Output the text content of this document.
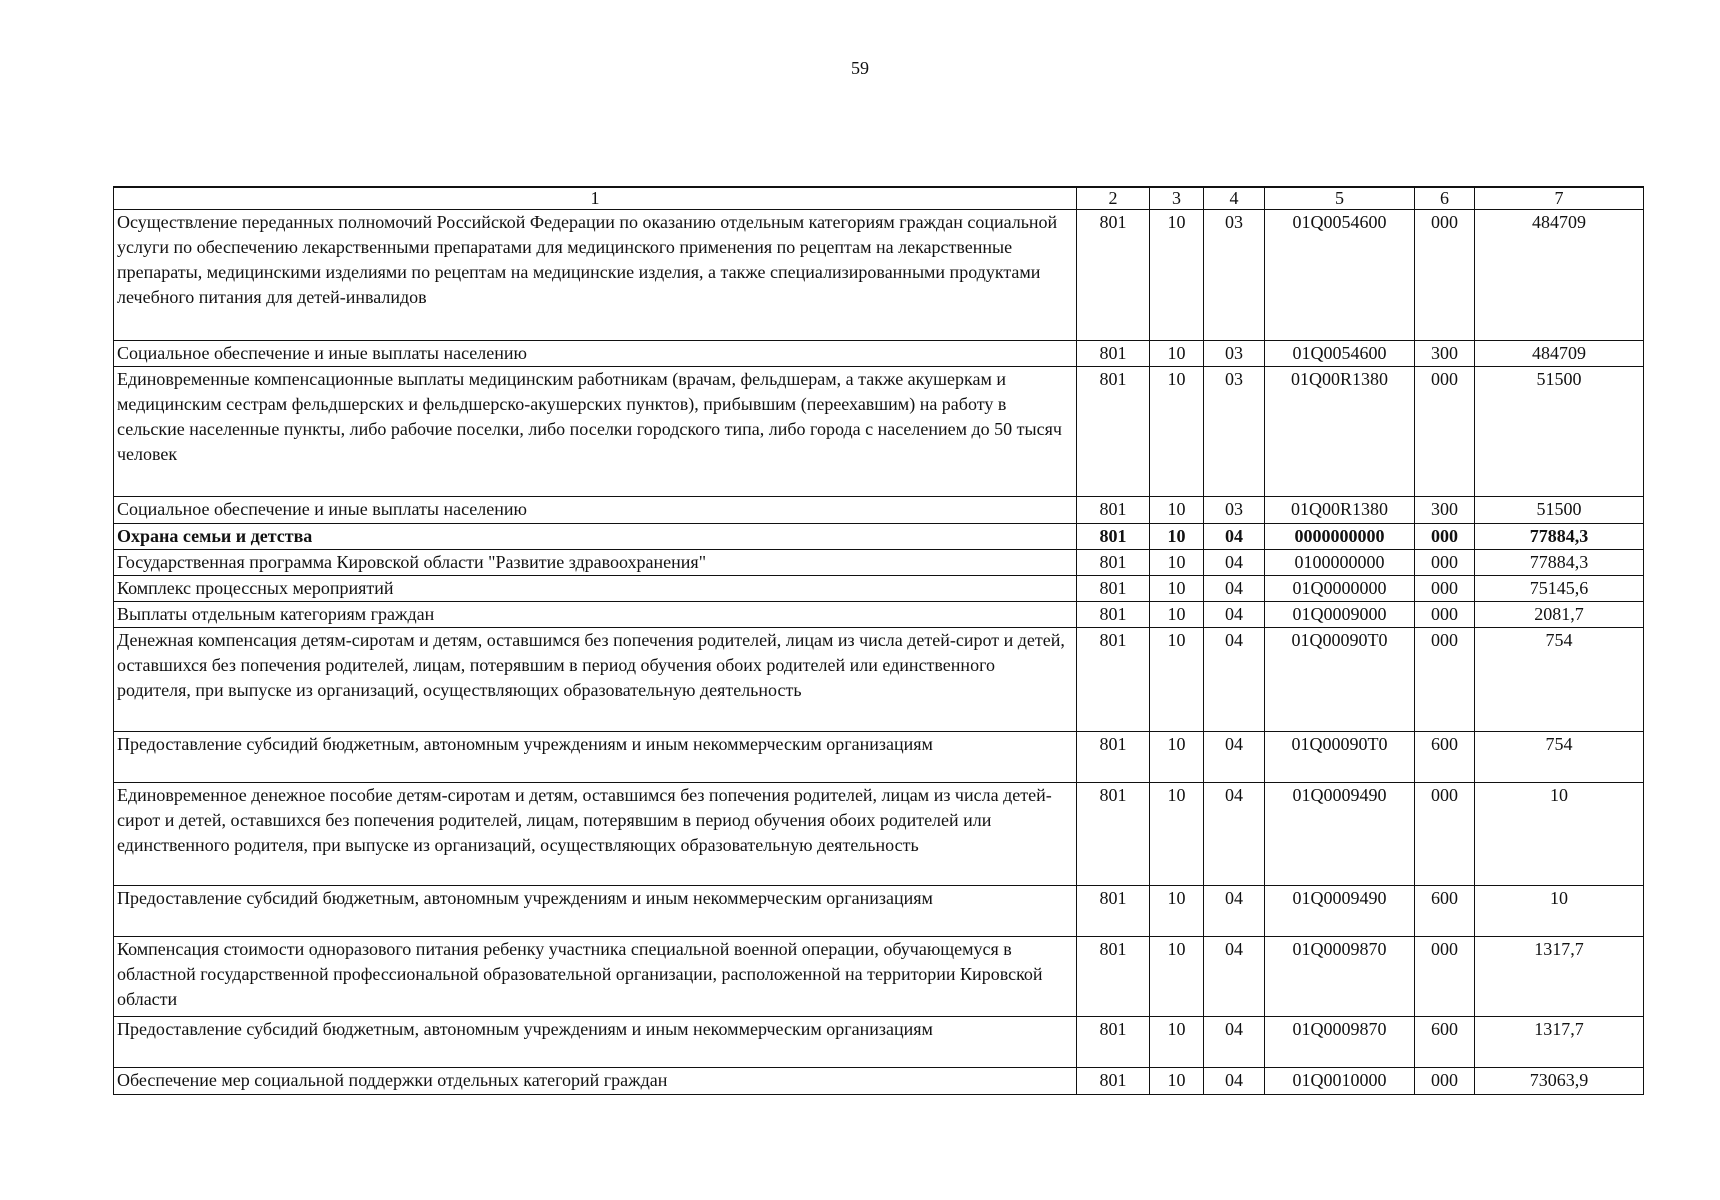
59
1	2	3	4	5	6	7
Осуществление переданных полномочий Российской Федерации по оказанию отдельным категориям граждан социальной услуги по обеспечению лекарственными препаратами для медицинского применения по рецептам на лекарственные препараты, медицинскими изделиями по рецептам на медицинские изделия, а также специализированными продуктами лечебного питания для детей-инвалидов	801	10	03	01Q0054600	000	484709
Социальное обеспечение и иные выплаты населению	801	10	03	01Q0054600	300	484709
Единовременные компенсационные выплаты медицинским работникам (врачам, фельдшерам, а также акушеркам и медицинским сестрам фельдшерских и фельдшерско-акушерских пунктов), прибывшим (переехавшим) на работу в сельские населенные пункты, либо рабочие поселки, либо поселки городского типа, либо города с населением до 50 тысяч человек	801	10	03	01Q00R1380	000	51500
Социальное обеспечение и иные выплаты населению	801	10	03	01Q00R1380	300	51500
Охрана семьи и детства	801	10	04	0000000000	000	77884,3
Государственная программа Кировской области "Развитие здравоохранения"	801	10	04	0100000000	000	77884,3
Комплекс процессных мероприятий	801	10	04	01Q0000000	000	75145,6
Выплаты отдельным категориям граждан	801	10	04	01Q0009000	000	2081,7
Денежная компенсация детям-сиротам и детям, оставшимся без попечения родителей, лицам из числа детей-сирот и детей, оставшихся без попечения родителей, лицам, потерявшим в период обучения обоих родителей или единственного родителя, при выпуске из организаций, осуществляющих образовательную деятельность	801	10	04	01Q00090T0	000	754
Предоставление субсидий бюджетным, автономным учреждениям и иным некоммерческим организациям	801	10	04	01Q00090T0	600	754
Единовременное денежное пособие детям-сиротам и детям, оставшимся без попечения родителей, лицам из числа детей-сирот и детей, оставшихся без попечения родителей, лицам, потерявшим в период обучения обоих родителей или единственного родителя, при выпуске из организаций, осуществляющих образовательную деятельность	801	10	04	01Q0009490	000	10
Предоставление субсидий бюджетным, автономным учреждениям и иным некоммерческим организациям	801	10	04	01Q0009490	600	10
Компенсация стоимости одноразового питания ребенку участника специальной военной операции, обучающемуся в областной государственной профессиональной образовательной организации, расположенной на территории Кировской области	801	10	04	01Q0009870	000	1317,7
Предоставление субсидий бюджетным, автономным учреждениям и иным некоммерческим организациям	801	10	04	01Q0009870	600	1317,7
Обеспечение мер социальной поддержки отдельных категорий граждан	801	10	04	01Q0010000	000	73063,9
